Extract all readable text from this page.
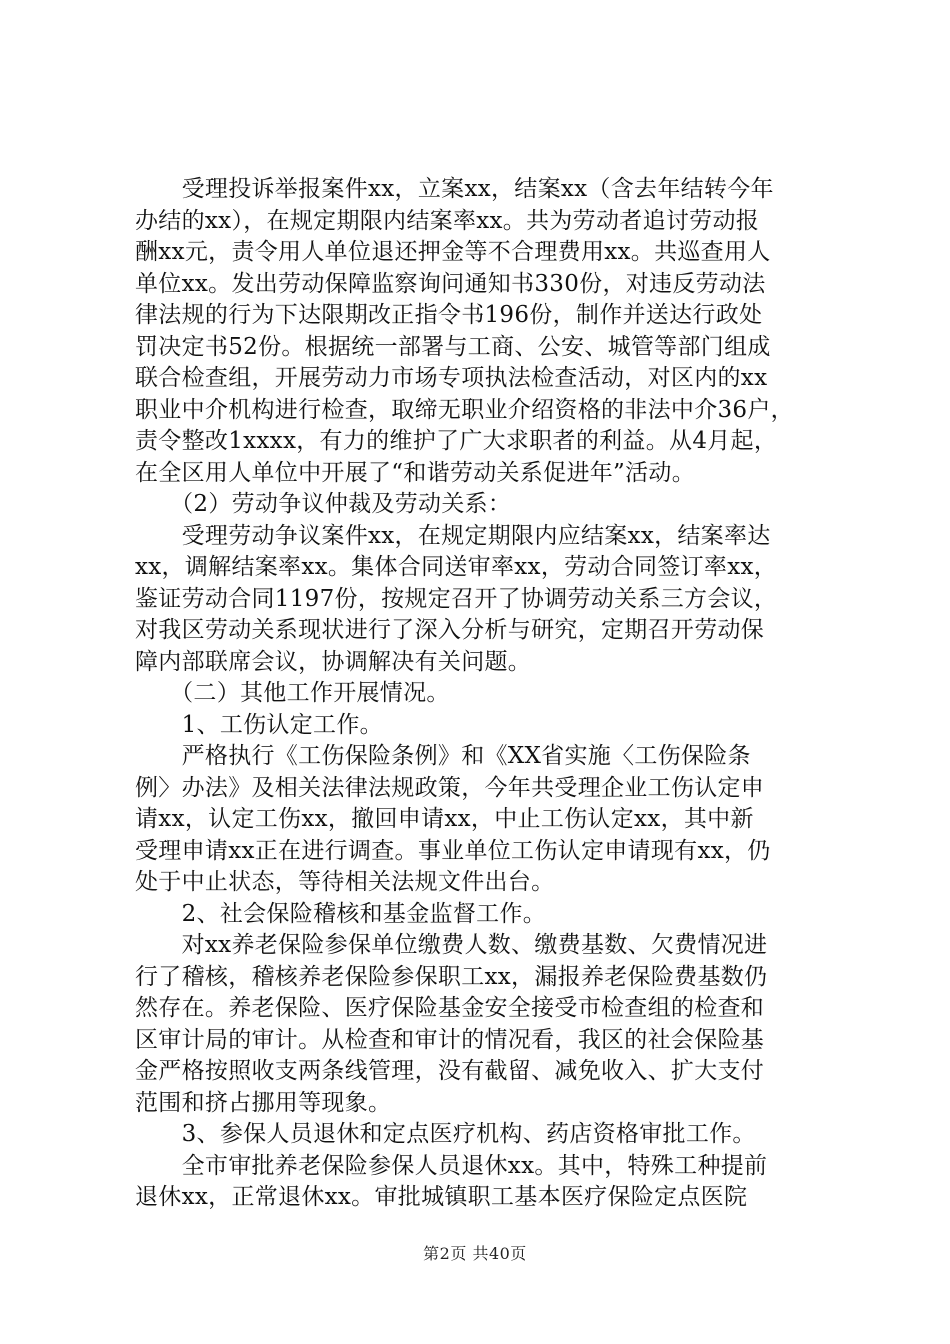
　　受理投诉举报案件xx，立案xx，结案xx（含去年结转今年
办结的xx），在规定期限内结案率xx。共为劳动者追讨劳动报
酬xx元，责令用人单位退还押金等不合理费用xx。共巡查用人
单位xx。发出劳动保障监察询问通知书330份，对违反劳动法
律法规的行为下达限期改正指令书196份，制作并送达行政处
罚决定书52份。根据统一部署与工商、公安、城管等部门组成
联合检查组，开展劳动力市场专项执法检查活动，对区内的xx
职业中介机构进行检查，取缔无职业介绍资格的非法中介36户，
责令整改1xxxx，有力的维护了广大求职者的利益。从4月起，
在全区用人单位中开展了“和谐劳动关系促进年”活动。
　　（2）劳动争议仲裁及劳动关系：
　　受理劳动争议案件xx，在规定期限内应结案xx，结案率达
xx，调解结案率xx。集体合同送审率xx，劳动合同签订率xx，
鉴证劳动合同1197份，按规定召开了协调劳动关系三方会议，
对我区劳动关系现状进行了深入分析与研究，定期召开劳动保
障内部联席会议，协调解决有关问题。
　　（二）其他工作开展情况。
　　1、工伤认定工作。
　　严格执行《工伤保险条例》和《XX省实施〈工伤保险条
例〉办法》及相关法律法规政策，今年共受理企业工伤认定申
请xx，认定工伤xx，撤回申请xx，中止工伤认定xx，其中新
受理申请xx正在进行调查。事业单位工伤认定申请现有xx，仍
处于中止状态，等待相关法规文件出台。
　　2、社会保险稽核和基金监督工作。
　　对xx养老保险参保单位缴费人数、缴费基数、欠费情况进
行了稽核，稽核养老保险参保职工xx，漏报养老保险费基数仍
然存在。养老保险、医疗保险基金安全接受市检查组的检查和
区审计局的审计。从检查和审计的情况看，我区的社会保险基
金严格按照收支两条线管理，没有截留、减免收入、扩大支付
范围和挤占挪用等现象。
　　3、参保人员退休和定点医疗机构、药店资格审批工作。
　　全市审批养老保险参保人员退休xx。其中，特殊工种提前
退休xx，正常退休xx。审批城镇职工基本医疗保险定点医院
第2页 共40页
